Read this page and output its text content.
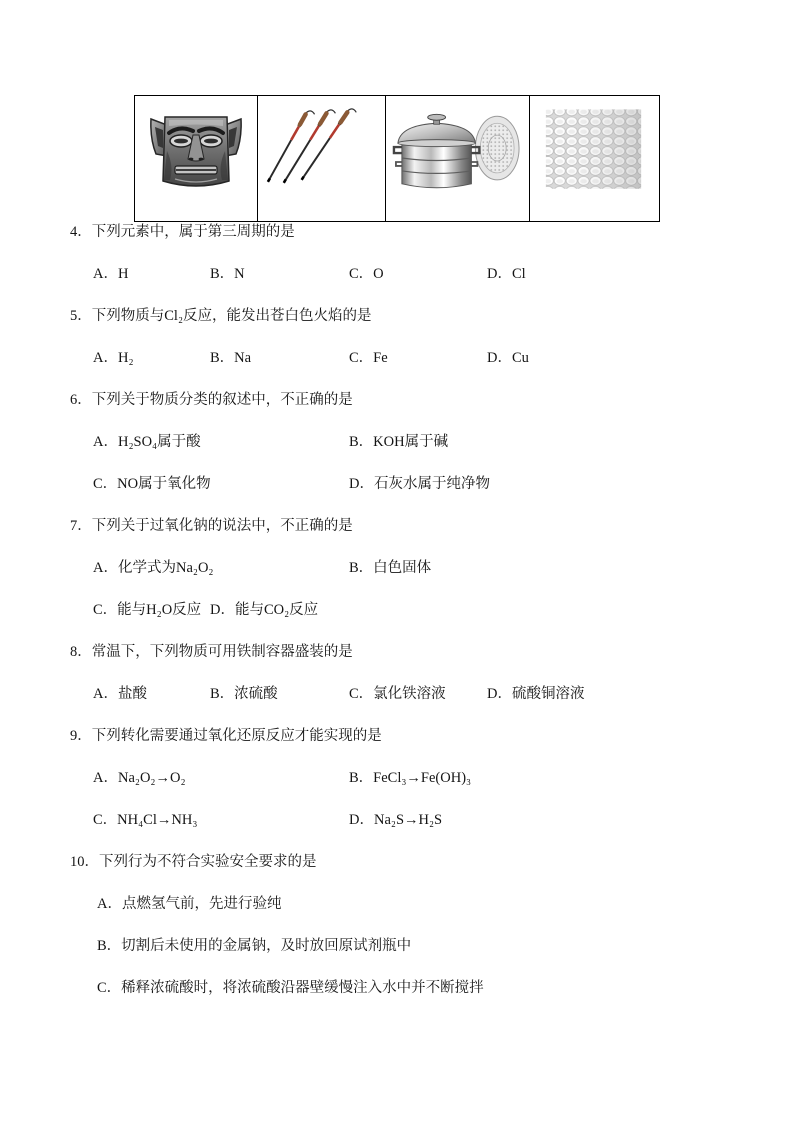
4．下列元素中，属于第三周期的是
A．H	B．N	C．O	D．Cl
5．下列物质与Cl₂反应，能发出苍白色火焰的是
A．H₂	B．Na	C．Fe	D．Cu
6．下列关于物质分类的叙述中，不正确的是
A．H₂SO₄属于酸	B．KOH属于碱
C．NO属于氧化物	D．石灰水属于纯净物
7．下列关于过氧化钠的说法中，不正确的是
A．化学式为Na₂O₂	B．白色固体
C．能与H₂O反应 D．能与CO₂反应
8．常温下，下列物质可用铁制容器盛装的是
A．盐酸	B．浓硫酸	C．氯化铁溶液	D．硫酸铜溶液
9．下列转化需要通过氧化还原反应才能实现的是
A．Na₂O₂→O₂	B．FeCl₃→Fe(OH)₃
C．NH₄Cl→NH₃	D．Na₂S→H₂S
10．下列行为不符合实验安全要求的是
A．点燃氢气前，先进行验纯
B．切割后未使用的金属钠，及时放回原试剂瓶中
C．稀释浓硫酸时，将浓硫酸沿器壁缓慢注入水中并不断搅拌
